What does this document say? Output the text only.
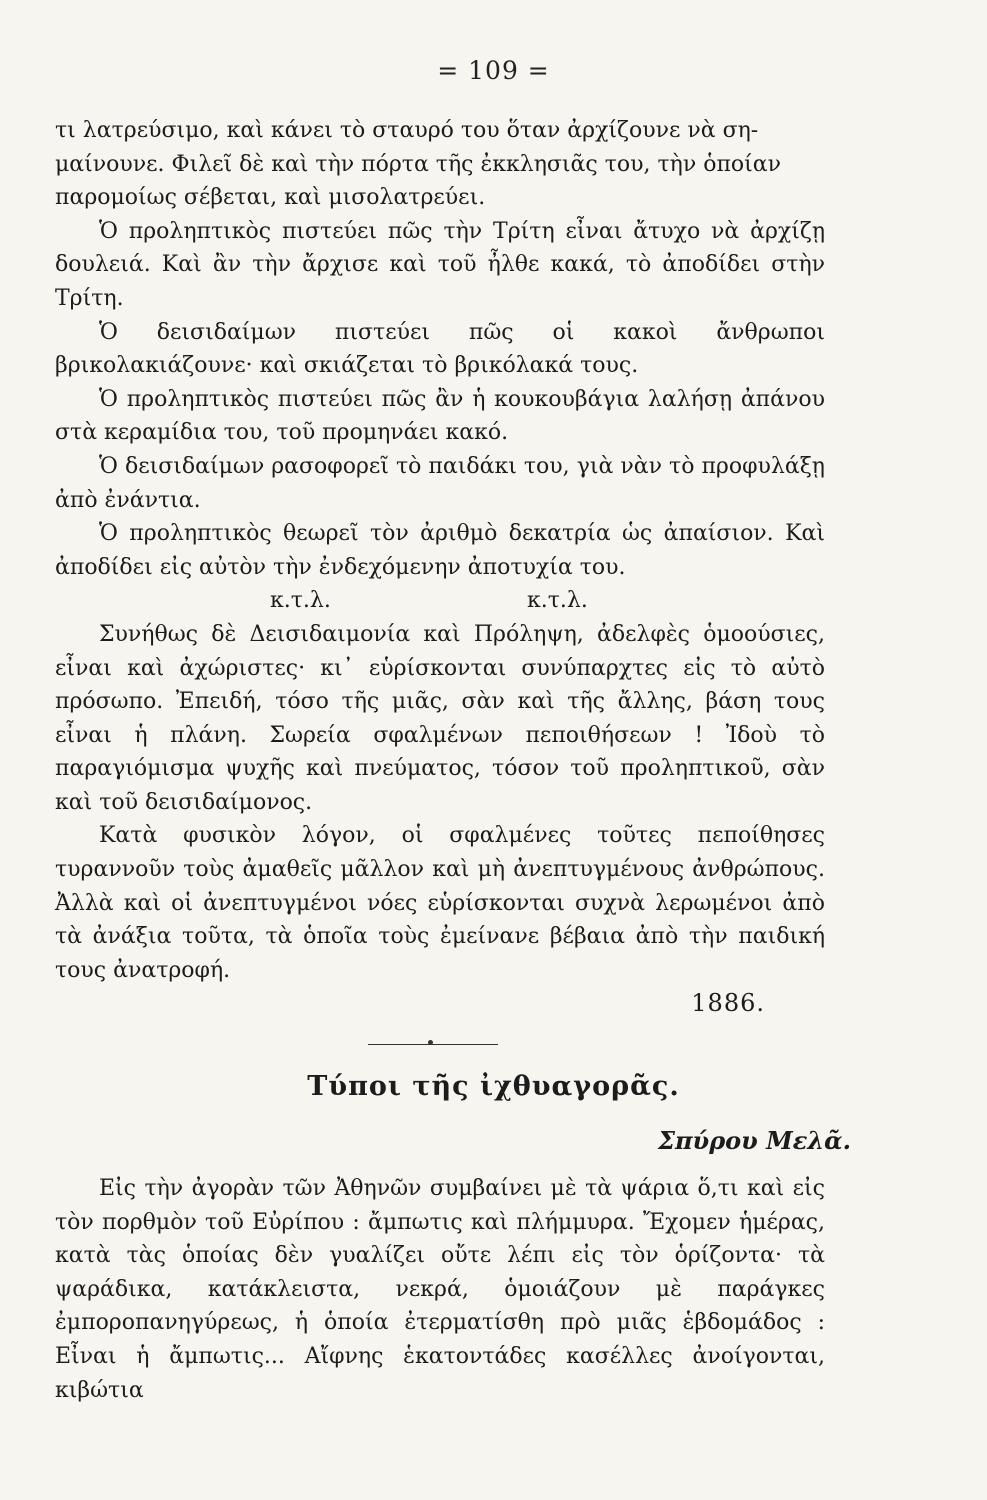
= 109 =
τι λατρεύσιμο, καὶ κάνει τὸ σταυρό του ὅταν ἀρχίζουνε νὰ ση-
μαίνουνε. Φιλεῖ δὲ καὶ τὴν πόρτα τῆς ἐκκλησιᾶς του, τὴν ὁποίαν
παρομοίως σέβεται, καὶ μισολατρεύει.

Ὁ προληπτικὸς πιστεύει πῶς τὴν Τρίτη εἶναι ἄτυχο νὰ ἀρχίζῃ δουλειά. Καὶ ἂν τὴν ἄρχισε καὶ τοῦ ἦλθε κακά, τὸ ἀποδίδει στὴν Τρίτη.

Ὁ δεισιδαίμων πιστεύει πῶς οἱ κακοὶ ἄνθρωποι βρικολακιάζουνε· καὶ σκιάζεται τὸ βρικόλακά τους.

Ὁ προληπτικὸς πιστεύει πῶς ἂν ἡ κουκουβάγια λαλήσῃ ἀπάνου στὰ κεραμίδια του, τοῦ προμηνάει κακό.

Ὁ δεισιδαίμων ρασοφορεῖ τὸ παιδάκι του, γιὰ νὰν τὸ προφυλάξῃ ἀπὸ ἐνάντια.

Ὁ προληπτικὸς θεωρεῖ τὸν ἀριθμὸ δεκατρία ὡς ἀπαίσιον. Καὶ ἀποδίδει εἰς αὐτὸν τὴν ἐνδεχόμενην ἀποτυχία του.

κ.τ.λ.	κ.τ.λ.

Συνήθως δὲ Δεισιδαιμονία καὶ Πρόληψη, ἀδελφὲς ὁμοούσιες, εἶναι καὶ ἀχώριστες· κι᾽ εὑρίσκονται συνύπαρχτες εἰς τὸ αὐτὸ πρόσωπο. Ἐπειδή, τόσο τῆς μιᾶς, σὰν καὶ τῆς ἄλλης, βάση τους εἶναι ἡ πλάνη. Σωρεία σφαλμένων πεποιθήσεων ! Ἰδοὺ τὸ παραγιόμισμα ψυχῆς καὶ πνεύματος, τόσον τοῦ προληπτικοῦ, σὰν καὶ τοῦ δεισιδαίμονος.

Κατὰ φυσικὸν λόγον, οἱ σφαλμένες τοῦτες πεποίθησες τυραννοῦν τοὺς ἀμαθεῖς μᾶλλον καὶ μὴ ἀνεπτυγμένους ἀνθρώπους. Ἀλλὰ καὶ οἱ ἀνεπτυγμένοι νόες εὑρίσκονται συχνὰ λερωμένοι ἀπὸ τὰ ἀνάξια τοῦτα, τὰ ὁποῖα τοὺς ἐμείνανε βέβαια ἀπὸ τὴν παιδική τους ἀνατροφή.

1886.
Τύποι τῆς ἰχθυαγορᾶς.
Σπύρου Μελᾶ.

Εἰς τὴν ἀγορὰν τῶν Ἀθηνῶν συμβαίνει μὲ τὰ ψάρια ὅ,τι καὶ εἰς τὸν πορθμὸν τοῦ Εὐρίπου : ἄμπωτις καὶ πλήμμυρα. Ἔχομεν ἡμέρας, κατὰ τὰς ὁποίας δὲν γυαλίζει οὔτε λέπι εἰς τὸν ὁρίζοντα· τὰ ψαράδικα, κατάκλειστα, νεκρά, ὁμοιάζουν μὲ παράγκες ἐμποροπανηγύρεως, ἡ ὁποία ἐτερματίσθη πρὸ μιᾶς ἑβδομάδος : Εἶναι ἡ ἄμπωτις... Αἴφνης ἑκατοντάδες κασέλλες ἀνοίγονται, κιβώτια
